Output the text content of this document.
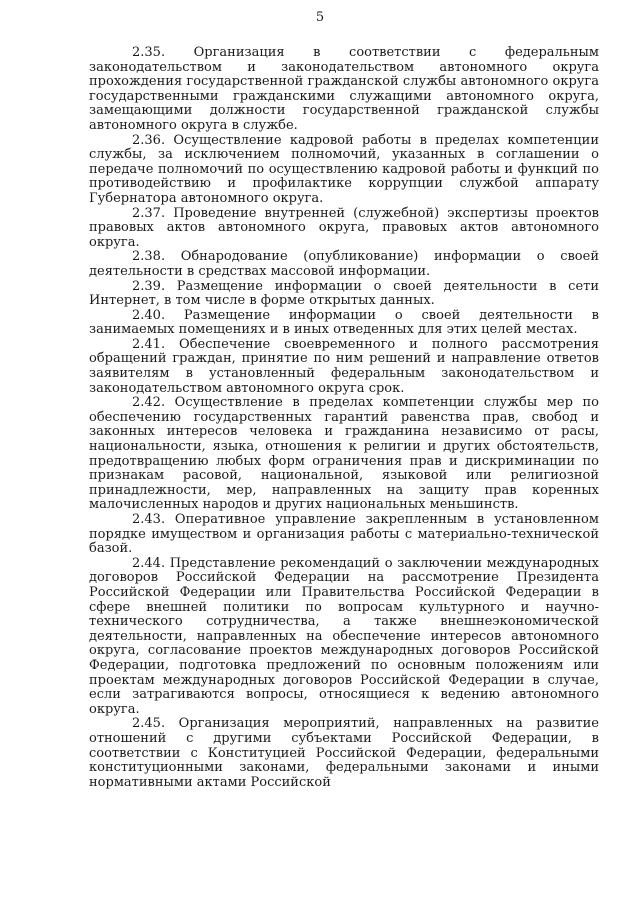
5

2.35. Организация в соответствии с федеральным законодательством и законодательством автономного округа прохождения государственной гражданской службы автономного округа государственными гражданскими служащими автономного округа, замещающими должности государственной гражданской службы автономного округа в службе.

2.36. Осуществление кадровой работы в пределах компетенции службы, за исключением полномочий, указанных в соглашении о передаче полномочий по осуществлению кадровой работы и функций по противодействию и профилактике коррупции службой аппарату Губернатора автономного округа.

2.37. Проведение внутренней (служебной) экспертизы проектов правовых актов автономного округа, правовых актов автономного округа.

2.38. Обнародование (опубликование) информации о своей деятельности в средствах массовой информации.

2.39. Размещение информации о своей деятельности в сети Интернет, в том числе в форме открытых данных.

2.40. Размещение информации о своей деятельности в занимаемых помещениях и в иных отведенных для этих целей местах.

2.41. Обеспечение своевременного и полного рассмотрения обращений граждан, принятие по ним решений и направление ответов заявителям в установленный федеральным законодательством и законодательством автономного округа срок.

2.42. Осуществление в пределах компетенции службы мер по обеспечению государственных гарантий равенства прав, свобод и законных интересов человека и гражданина независимо от расы, национальности, языка, отношения к религии и других обстоятельств, предотвращению любых форм ограничения прав и дискриминации по признакам расовой, национальной, языковой или религиозной принадлежности, мер, направленных на защиту прав коренных малочисленных народов и других национальных меньшинств.

2.43. Оперативное управление закрепленным в установленном порядке имуществом и организация работы с материально-технической базой.

2.44. Представление рекомендаций о заключении международных договоров Российской Федерации на рассмотрение Президента Российской Федерации или Правительства Российской Федерации в сфере внешней политики по вопросам культурного и научно-технического сотрудничества, а также внешнеэкономической деятельности, направленных на обеспечение интересов автономного округа, согласование проектов международных договоров Российской Федерации, подготовка предложений по основным положениям или проектам международных договоров Российской Федерации в случае, если затрагиваются вопросы, относящиеся к ведению автономного округа.

2.45. Организация мероприятий, направленных на развитие отношений с другими субъектами Российской Федерации, в соответствии с Конституцией Российской Федерации, федеральными конституционными законами, федеральными законами и иными нормативными актами Российской
